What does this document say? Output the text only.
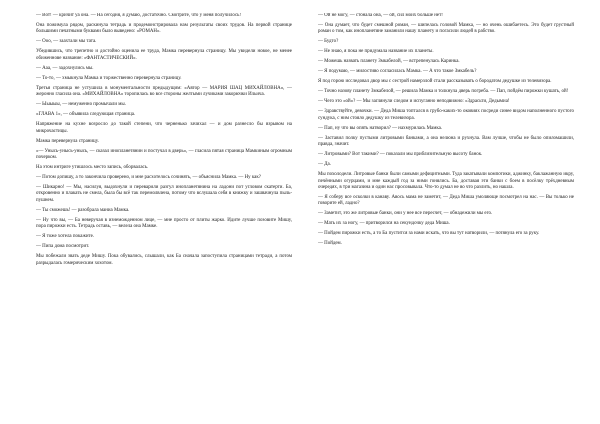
— Вот! — кричит уа она. — На сегодня, я думаю, достаточно. Смотрите, что у меня получилось!

Она пожимула рядом, раскинула тетрадь и продемонстрировала нам результаты своих трудов. На первой странице большими печатными буквами было выведено: «РОМАН».

— Ооо, — заахтали мы тата.

Убедившись, что трепетно и достойно оценила ее труда, Мамка перевернула страницу. Мы увидели новое, не менее обиженнове название: «ФАНТАСТИЧЕСКИЙ».

— Ааа, — задохнулись мы.

— То-то, — хмыкнула Мамка и торжественно перевернула страницу.

Третья страница не устушила в монументальности предыдущим: «Автор — МАРИЯ ШАЦ МИХАЙЛОВНА», — жеронно гласила она. «МИХАЙЛОВНА» торопилась во все стороны желтыми лучиками закорючки Ильича.

— Ыыыыы, — немуженно промычали мы.

«ГЛАВА 1», — объявила следующая страница.

Напряжение на кухне возросло до такой степени, что черненько зачихал — и дом разнесло бы взрывом на микрочастицы.

Мамка перевернула страницу.

«— Унысь-унысь-унысь, — сказал инопланетянин и постучал в дверь», — гласила пятая страница Мамкиным огромным почерком.

На этом интриге утишлось место запись, оборвалась.

— Потом допишу, а то закончила проверено, и мне расхотелось сочинять, — объяснила Мамка. — Ну как?

— Шикарно! — Мы, насилуя, выдохнули и переварили разгул инопланетянина на ладони пот угловом скатерти. Ба, откровенно и плакать не смела, была бы всё так перемолвлена, потому что вслушала себя в книжку и зашвачнула пыль-пушнем.

— Ты сможешь! — разобрала маниа Мамка.

— Ну что вы, — Ба неверучая в изнеможденном лице, — мне просто от плиты жарко. Идите лучше позовите Мишу, пора пирожки есть. Тетрадь оставь, — велела она Мамке.

— Я тоже хотела покажите.

— Пипа дома посмотрит.

Мы побежали звать деде Мишу. Пока обувались, слышали, как Ба сначала запоступила страницами тетради, а потом разрыдалась гомерическим хохотом.

— Ой не могу, — стонала она, — ой, сил моих больше нет!

— Она думает, что будет смешной роман, — шипелась головой Мамка, — но очень ошибаетесь. Это будет грустный роман о том, как инопланетяне заманили нашу планету и погасили людей в рабство.

— Будто?

— Не знаю, я пока не придумала название их планеты.

— Можешь назвать планету Змкабелой, — встрепенулась Каринка.

— Я подумаю, — милостиво согласилась Мамка. — А что такое Змкабель?

Я под горою исследовал двор мы с сестрой намерзлой стали рассказывать о бородатом дедушке из телевизора.

— Точно назову планету Змкабелой, — решила Мамка и толкнула дверь погреба. — Пап, пойдём пирожки кушать, ой!

— Чего это «ой»? — Мы заглянули следом и испуганно неподвижно: «Здрасьти, Дедымиа!

— Здравствуйте, девочки. — Деда Миша топтался в грубо-каких-то оковиях посреди синее видом наполненного пустого сундука, с ним стояло дедушку из телевизора.

— Пап, ну что вы опять натворил? — нахмурилась Мамка.

— Заставил полку пустыми литровыми банками, а она нелюна и рухнула. Вам лучше, чтобы не было опиломашили, правда, значит.

— Литровыми? Вот такими? — показали мы приблизительную высоту банок.

— Да.

Мы похолодели. Литровые банки были самыми дефицитными. Туда закатывали компотики, аджинку, баклажанную икру, печёнными огурцами, и мне каждый год за ними гонялись. Ба, доставая эти банки с боем в посёлку трёхдневным очередях, в три магазина и один нас просовывала. Что-то думал не во что разлить, но нашла.

— Я соберу все осколки в канаву. Авось мама не заметит, — Деда Миша умоляюще посмотрел на нас. — Вы только не говорите ей, ладно?

— Заметит, это же литровые банки, они у нее все пересчет, — обнадежили мы его.

— Мать их за ногу, — притворился на секундочку деда Миша.

— Пойдем пирожки есть, а то Ба пустится за нами искать, что вы тут натворили, — потянула его за руку.

— Пойдем.
